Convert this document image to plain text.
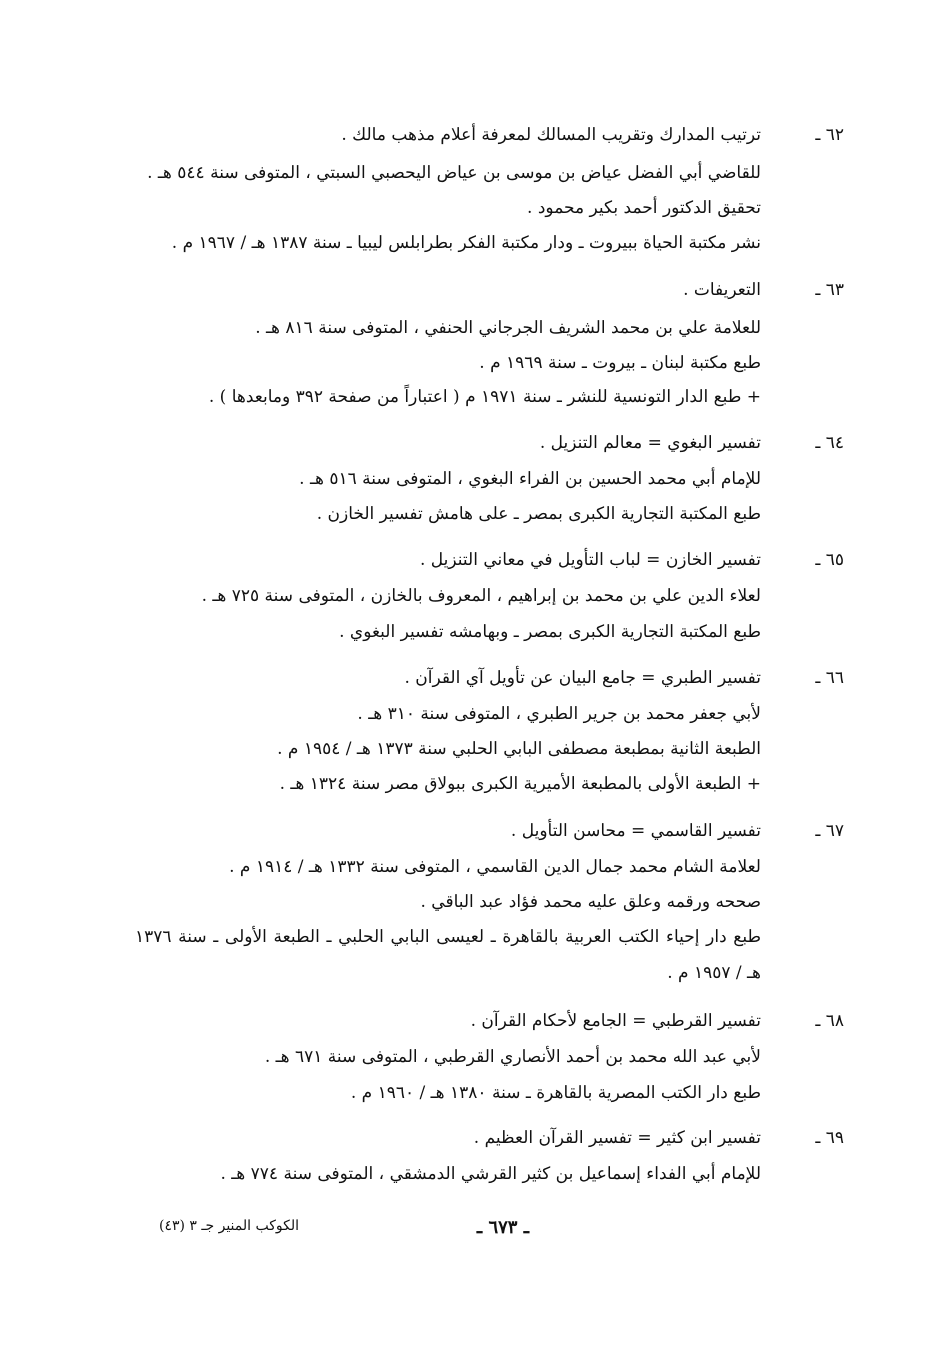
٦٢ ـ
ترتيب المدارك وتقريب المسالك لمعرفة أعلام مذهب مالك .
للقاضي أبي الفضل عياض بن موسى بن عياض اليحصبي السبتي ، المتوفى سنة ٥٤٤ هـ .
تحقيق الدكتور أحمد بكير محمود .
نشر مكتبة الحياة ببيروت ـ ودار مكتبة الفكر بطرابلس ليبيا ـ سنة ١٣٨٧ هـ / ١٩٦٧ م .
٦٣ ـ
التعريفات .
للعلامة علي بن محمد الشريف الجرجاني الحنفي ، المتوفى سنة ٨١٦ هـ .
طبع مكتبة لبنان ـ بيروت ـ سنة ١٩٦٩ م .
+ طبع الدار التونسية للنشر ـ سنة ١٩٧١ م ( اعتباراً من صفحة ٣٩٢ ومابعدها ) .
٦٤ ـ
تفسير البغوي = معالم التنزيل .
للإمام أبي محمد الحسين بن الفراء البغوي ، المتوفى سنة ٥١٦ هـ .
طبع المكتبة التجارية الكبرى بمصر ـ على هامش تفسير الخازن .
٦٥ ـ
تفسير الخازن = لباب التأويل في معاني التنزيل .
لعلاء الدين علي بن محمد بن إبراهيم ، المعروف بالخازن ، المتوفى سنة ٧٢٥ هـ .
طبع المكتبة التجارية الكبرى بمصر ـ وبهامشه تفسير البغوي .
٦٦ ـ
تفسير الطبري = جامع البيان عن تأويل آي القرآن .
لأبي جعفر محمد بن جرير الطبري ، المتوفى سنة ٣١٠ هـ .
الطبعة الثانية بمطبعة مصطفى البابي الحلبي سنة ١٣٧٣ هـ / ١٩٥٤ م .
+ الطبعة الأولى بالمطبعة الأميرية الكبرى ببولاق مصر سنة ١٣٢٤ هـ .
٦٧ ـ
تفسير القاسمي = محاسن التأويل .
لعلامة الشام محمد جمال الدين القاسمي ، المتوفى سنة ١٣٣٢ هـ / ١٩١٤ م .
صححه ورقمه وعلق عليه محمد فؤاد عبد الباقي .
طبع دار إحياء الكتب العربية بالقاهرة ـ لعيسى البابي الحلبي ـ الطبعة الأولى ـ سنة ١٣٧٦ هـ / ١٩٥٧ م .
٦٨ ـ
تفسير القرطبي = الجامع لأحكام القرآن .
لأبي عبد الله محمد بن أحمد الأنصاري القرطبي ، المتوفى سنة ٦٧١ هـ .
طبع دار الكتب المصرية بالقاهرة ـ سنة ١٣٨٠ هـ / ١٩٦٠ م .
٦٩ ـ
تفسير ابن كثير = تفسير القرآن العظيم .
للإمام أبي الفداء إسماعيل بن كثير القرشي الدمشقي ، المتوفى سنة ٧٧٤ هـ .
ـ ٦٧٣ ـ
الكوكب المنير جـ ٣ (٤٣)
